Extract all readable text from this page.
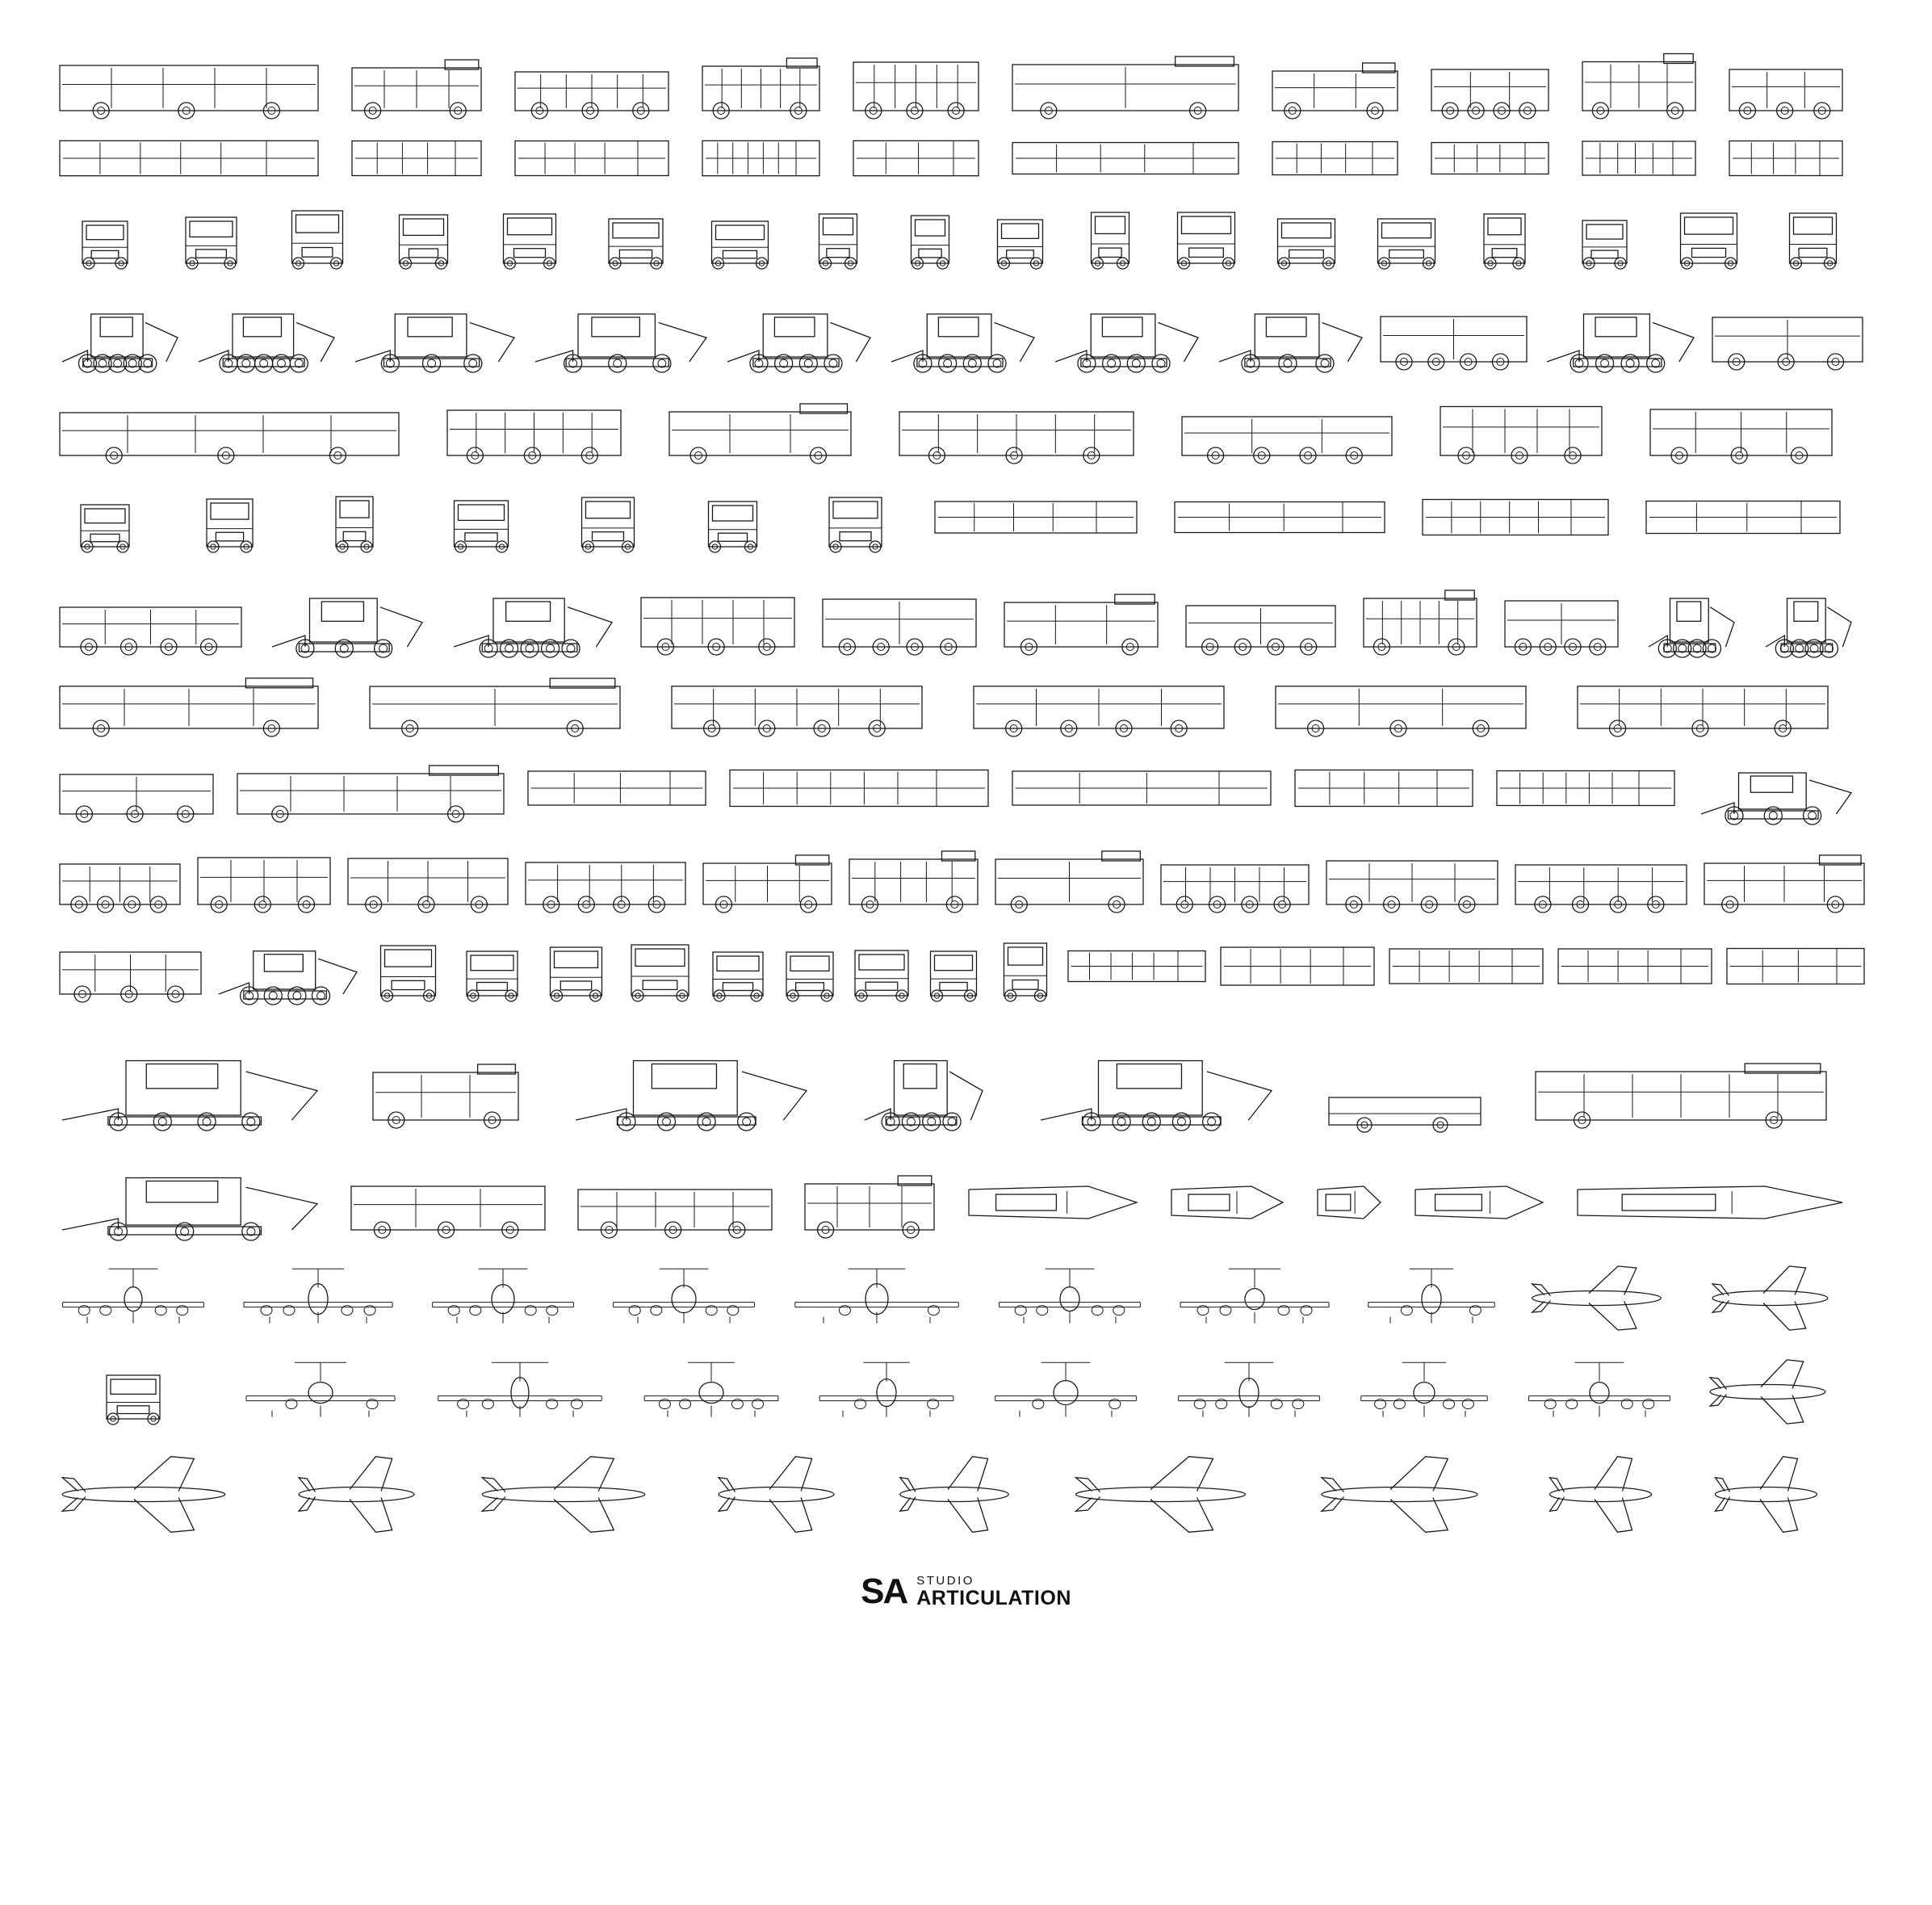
SA STUDIO
ARTICULATION
